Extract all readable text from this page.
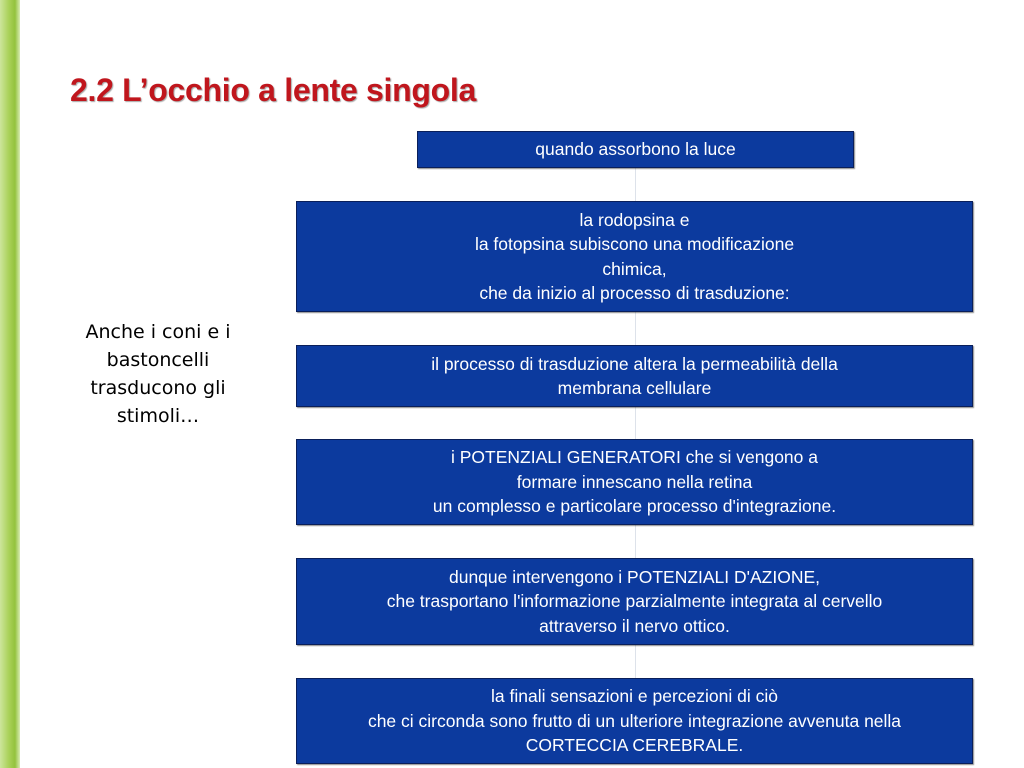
2.2 L’occhio a lente singola
Anche i coni e i bastoncelli trasducono gli stimoli…
quando assorbono la luce
la rodopsina e
la fotopsina subiscono una modificazione
chimica,
che da inizio al processo di trasduzione:
il processo di trasduzione altera la permeabilità della
membrana cellulare
i POTENZIALI GENERATORI che si vengono a
formare innescano nella retina
un complesso e particolare processo d'integrazione.
dunque intervengono i POTENZIALI D'AZIONE,
che trasportano l'informazione parzialmente integrata al cervello
attraverso il nervo ottico.
la finali sensazioni e percezioni di ciò
che ci circonda sono frutto di un ulteriore integrazione avvenuta nella
CORTECCIA CEREBRALE.
